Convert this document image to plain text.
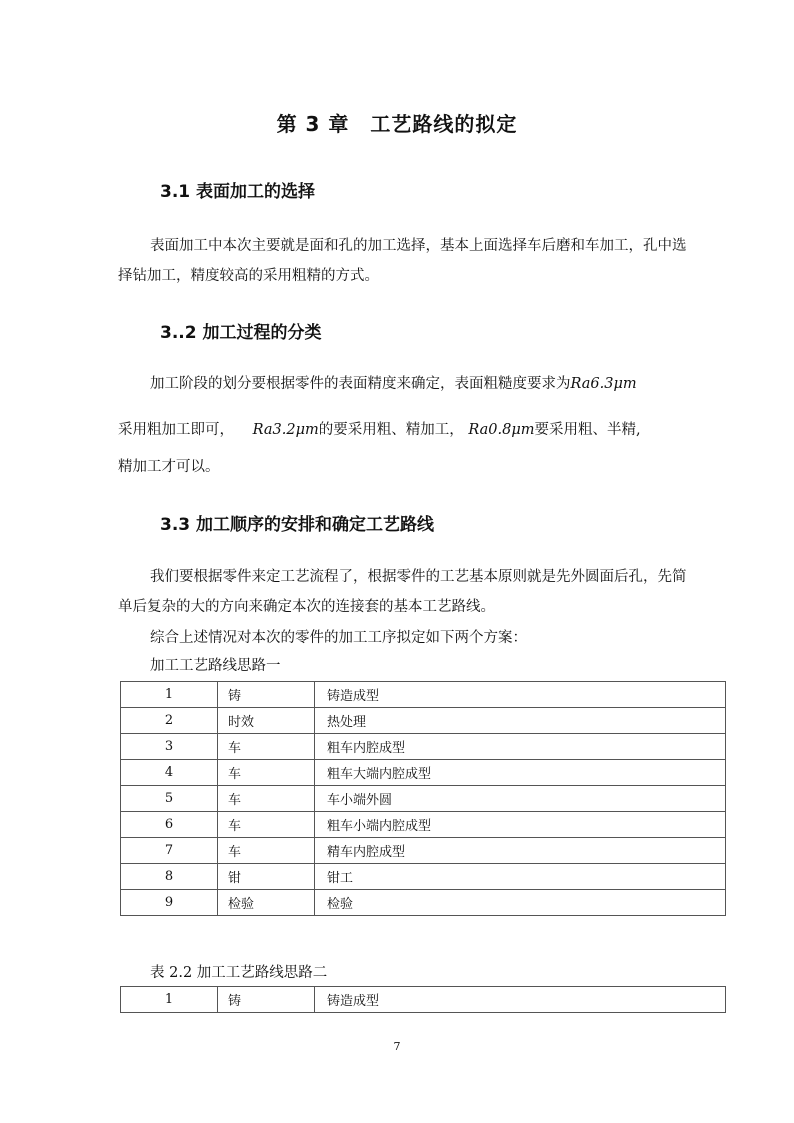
第 3 章　工艺路线的拟定
3.1 表面加工的选择
表面加工中本次主要就是面和孔的加工选择，基本上面选择车后磨和车加工，孔中选择钻加工，精度较高的采用粗精的方式。
3..2 加工过程的分类
加工阶段的划分要根据零件的表面精度来确定，表面粗糙度要求为Ra6.3μm
采用粗加工即可， Ra3.2μm的要采用粗、精加工， Ra0.8μm要采用粗、半精,
精加工才可以。
3.3 加工顺序的安排和确定工艺路线
我们要根据零件来定工艺流程了，根据零件的工艺基本原则就是先外圆面后孔，先简单后复杂的大的方向来确定本次的连接套的基本工艺路线。
综合上述情况对本次的零件的加工工序拟定如下两个方案：
加工工艺路线思路一
1	铸	铸造成型
2	时效	热处理
3	车	粗车内腔成型
4	车	粗车大端内腔成型
5	车	车小端外圆
6	车	粗车小端内腔成型
7	车	精车内腔成型
8	钳	钳工
9	检验	检验
表 2.2 加工工艺路线思路二
1	铸	铸造成型
7
